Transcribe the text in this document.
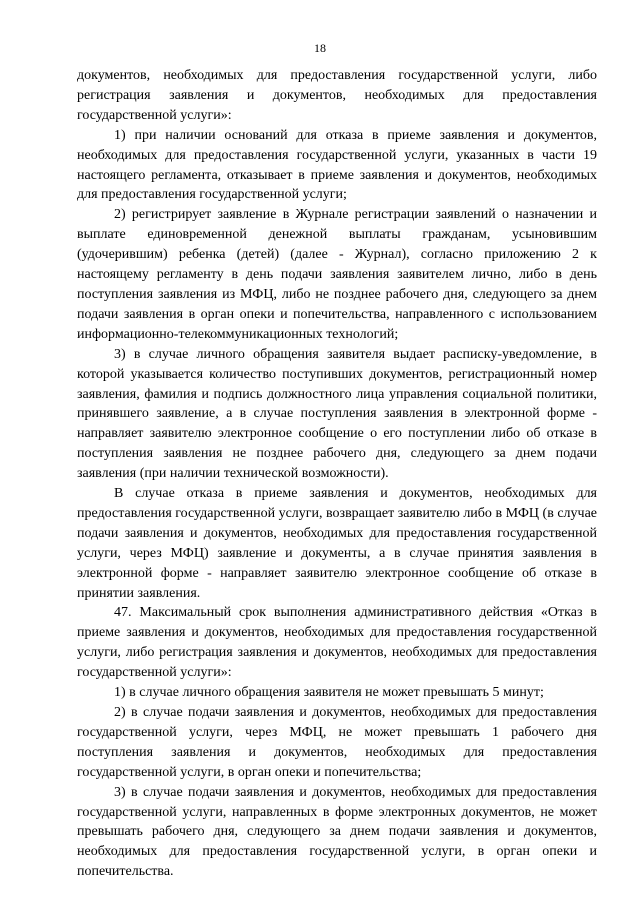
18

документов, необходимых для предоставления государственной услуги, либо регистрация заявления и документов, необходимых для предоставления государственной услуги»:

1) при наличии оснований для отказа в приеме заявления и документов, необходимых для предоставления государственной услуги, указанных в части 19 настоящего регламента, отказывает в приеме заявления и документов, необходимых для предоставления государственной услуги;

2) регистрирует заявление в Журнале регистрации заявлений о назначении и выплате единовременной денежной выплаты гражданам, усыновившим (удочерившим) ребенка (детей) (далее - Журнал), согласно приложению 2 к настоящему регламенту в день подачи заявления заявителем лично, либо в день поступления заявления из МФЦ, либо не позднее рабочего дня, следующего за днем подачи заявления в орган опеки и попечительства, направленного с использованием информационно-телекоммуникационных технологий;

3) в случае личного обращения заявителя выдает расписку-уведомление, в которой указывается количество поступивших документов, регистрационный номер заявления, фамилия и подпись должностного лица управления социальной политики, принявшего заявление, а в случае поступления заявления в электронной форме - направляет заявителю электронное сообщение о его поступлении либо об отказе в поступления заявления не позднее рабочего дня, следующего за днем подачи заявления (при наличии технической возможности).

В случае отказа в приеме заявления и документов, необходимых для предоставления государственной услуги, возвращает заявителю либо в МФЦ (в случае подачи заявления и документов, необходимых для предоставления государственной услуги, через МФЦ) заявление и документы, а в случае принятия заявления в электронной форме - направляет заявителю электронное сообщение об отказе в принятии заявления.

47. Максимальный срок выполнения административного действия «Отказ в приеме заявления и документов, необходимых для предоставления государственной услуги, либо регистрация заявления и документов, необходимых для предоставления государственной услуги»:

1) в случае личного обращения заявителя не может превышать 5 минут;

2) в случае подачи заявления и документов, необходимых для предоставления государственной услуги, через МФЦ, не может превышать 1 рабочего дня поступления заявления и документов, необходимых для предоставления государственной услуги, в орган опеки и попечительства;

3) в случае подачи заявления и документов, необходимых для предоставления государственной услуги, направленных в форме электронных документов, не может превышать рабочего дня, следующего за днем подачи заявления и документов, необходимых для предоставления государственной услуги, в орган опеки и попечительства.
